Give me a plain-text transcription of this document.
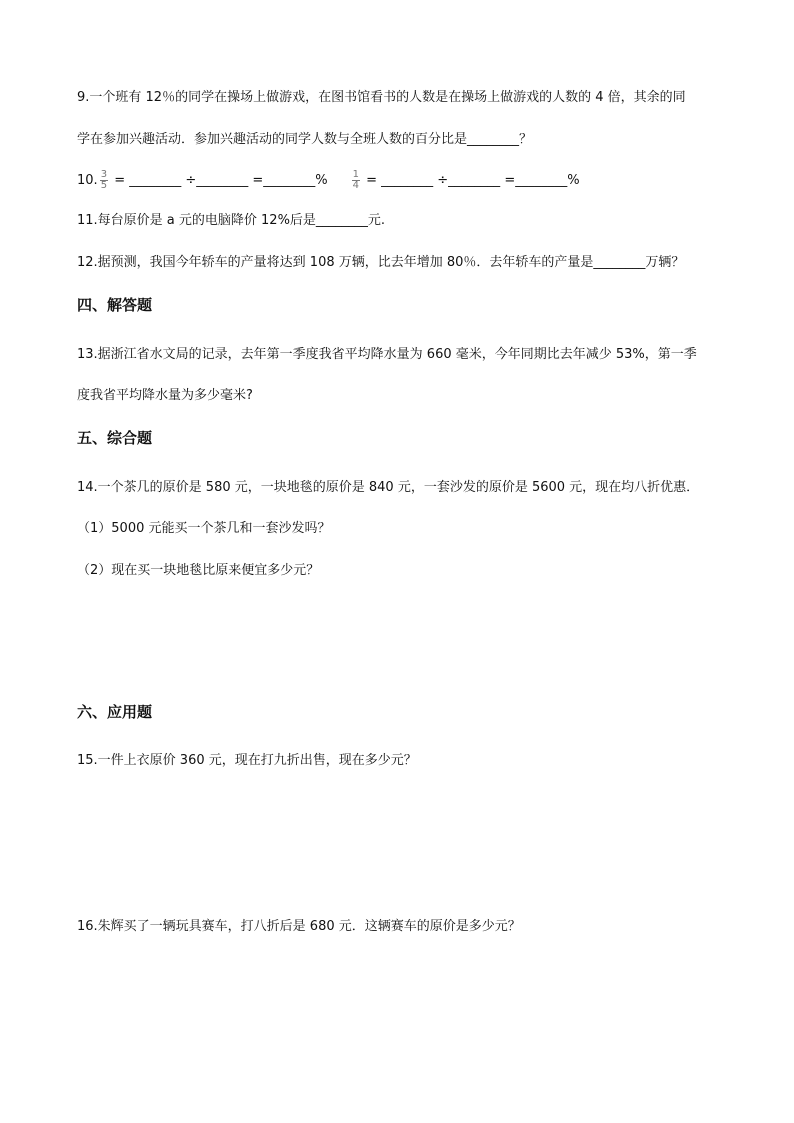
9.一个班有 12％的同学在操场上做游戏，在图书馆看书的人数是在操场上做游戏的人数的 4 倍，其余的同
学在参加兴趣活动．参加兴趣活动的同学人数与全班人数的百分比是________？
10. $\frac{3}{5}$ = ________ ÷________ =________% $\frac{1}{4}$ = ________ ÷________ =________%
11.每台原价是 a 元的电脑降价 12%后是________元.
12.据预测，我国今年轿车的产量将达到 108 万辆，比去年增加 80％．去年轿车的产量是________万辆？
四、解答题
13.据浙江省水文局的记录，去年第一季度我省平均降水量为 660 毫米，今年同期比去年减少 53%，第一季
度我省平均降水量为多少毫米?
五、综合题
14.一个茶几的原价是 580 元，一块地毯的原价是 840 元，一套沙发的原价是 5600 元，现在均八折优惠．
（1）5000 元能买一个茶几和一套沙发吗？
（2）现在买一块地毯比原来便宜多少元？
六、应用题
15.一件上衣原价 360 元，现在打九折出售，现在多少元？
16.朱辉买了一辆玩具赛车，打八折后是 680 元．这辆赛车的原价是多少元？
